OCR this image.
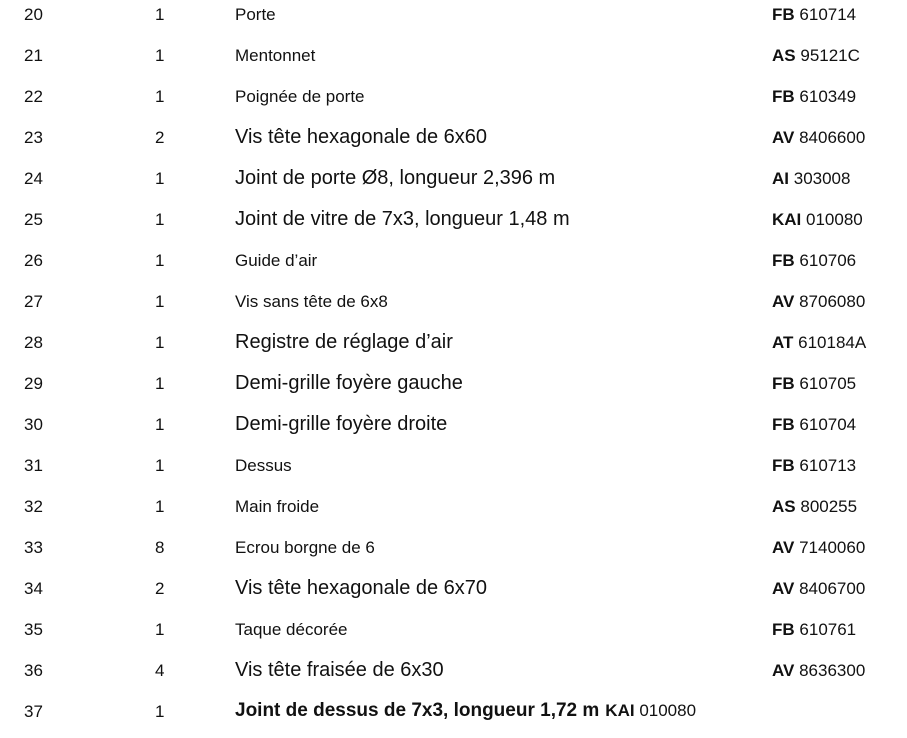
20	1	Porte	FB 610714
21	1	Mentonnet	AS 95121C
22	1	Poignée de porte	FB 610349
23	2	Vis tête hexagonale de 6x60	AV 8406600
24	1	Joint de porte Ø8, longueur 2,396 m	AI 303008
25	1	Joint de vitre de 7x3, longueur 1,48 m	KAI 010080
26	1	Guide d’air	FB 610706
27	1	Vis sans tête de 6x8	AV 8706080
28	1	Registre de réglage d’air	AT 610184A
29	1	Demi-grille foyère gauche	FB 610705
30	1	Demi-grille foyère droite	FB 610704
31	1	Dessus	FB 610713
32	1	Main froide	AS 800255
33	8	Ecrou borgne de 6	AV 7140060
34	2	Vis tête hexagonale de 6x70	AV 8406700
35	1	Taque décorée	FB 610761
36	4	Vis tête fraisée de 6x30	AV 8636300
37	1	Joint de dessus de 7x3, longueur 1,72 m KAI 010080
